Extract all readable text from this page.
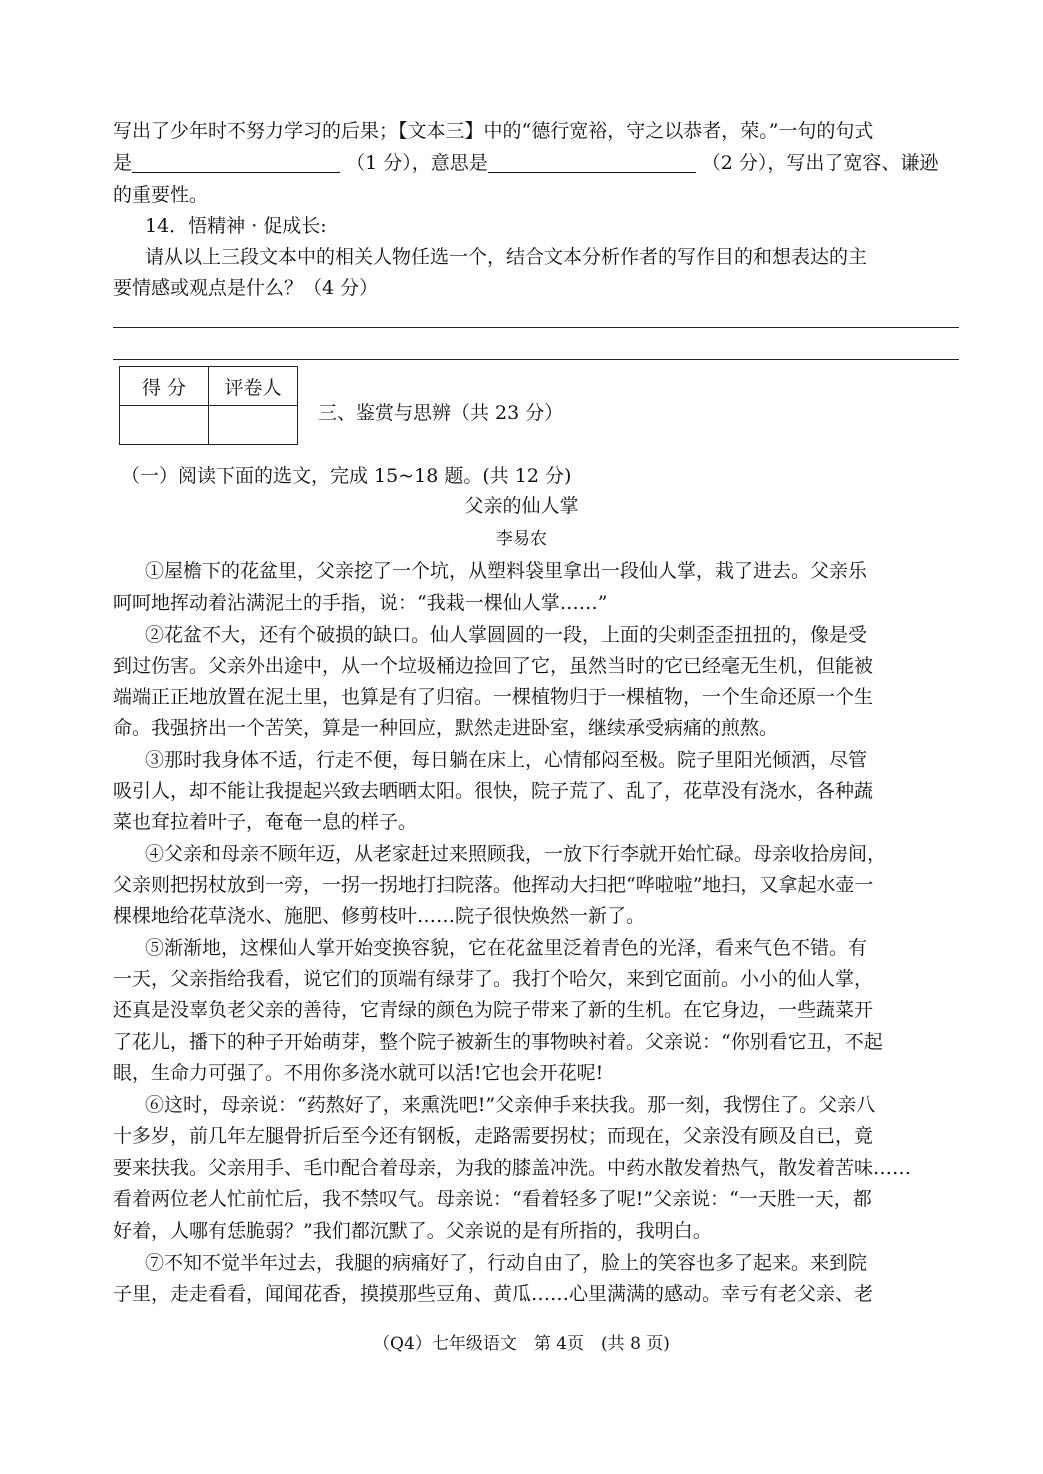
写出了少年时不努力学习的后果；【文本三】中的“德行宽裕，守之以恭者，荣。”一句的句式
是	（1 分），意思是	（2 分），写出了宽容、谦逊
的重要性。
14．悟精神 · 促成长:
请从以上三段文本中的相关人物任选一个，结合文本分析作者的写作目的和想表达的主
要情感或观点是什么？（4 分）
得 分	评卷人

三、鉴赏与思辨（共 23 分）
（一）阅读下面的选文，完成 15~18 题。(共 12 分)
父亲的仙人掌
李易农
①屋檐下的花盆里，父亲挖了一个坑，从塑料袋里拿出一段仙人掌，栽了进去。父亲乐
呵呵地挥动着沾满泥土的手指，说：“我栽一棵仙人掌……”
②花盆不大，还有个破损的缺口。仙人掌圆圆的一段，上面的尖刺歪歪扭扭的，像是受
到过伤害。父亲外出途中，从一个垃圾桶边捡回了它，虽然当时的它已经毫无生机，但能被
端端正正地放置在泥土里，也算是有了归宿。一棵植物归于一棵植物，一个生命还原一个生
命。我强挤出一个苦笑，算是一种回应，默然走进卧室，继续承受病痛的煎熬。
③那时我身体不适，行走不便，每日躺在床上，心情郁闷至极。院子里阳光倾洒，尽管
吸引人，却不能让我提起兴致去晒晒太阳。很快，院子荒了、乱了，花草没有浇水，各种蔬
菜也耷拉着叶子，奄奄一息的样子。
④父亲和母亲不顾年迈，从老家赶过来照顾我，一放下行李就开始忙碌。母亲收拾房间，
父亲则把拐杖放到一旁，一拐一拐地打扫院落。他挥动大扫把“哗啦啦”地扫，又拿起水壶一
棵棵地给花草浇水、施肥、修剪枝叶……院子很快焕然一新了。
⑤渐渐地，这棵仙人掌开始变换容貌，它在花盆里泛着青色的光泽，看来气色不错。有
一天，父亲指给我看，说它们的顶端有绿芽了。我打个哈欠，来到它面前。小小的仙人掌，
还真是没辜负老父亲的善待，它青绿的颜色为院子带来了新的生机。在它身边，一些蔬菜开
了花儿，播下的种子开始萌芽，整个院子被新生的事物映衬着。父亲说：“你别看它丑，不起
眼，生命力可强了。不用你多浇水就可以活!它也会开花呢!
⑥这时，母亲说：“药熬好了，来熏洗吧!”父亲伸手来扶我。那一刻，我愣住了。父亲八
十多岁，前几年左腿骨折后至今还有钢板，走路需要拐杖；而现在，父亲没有顾及自已，竟
要来扶我。父亲用手、毛巾配合着母亲，为我的膝盖冲洗。中药水散发着热气，散发着苦味……
看着两位老人忙前忙后，我不禁叹气。母亲说：“看着轻多了呢!”父亲说：“一天胜一天，都
好着，人哪有恁脆弱？”我们都沉默了。父亲说的是有所指的，我明白。
⑦不知不觉半年过去，我腿的病痛好了，行动自由了，脸上的笑容也多了起来。来到院
子里，走走看看，闻闻花香，摸摸那些豆角、黄瓜……心里满满的感动。幸亏有老父亲、老
（Q4）七年级语文　第 4页　(共 8 页)
